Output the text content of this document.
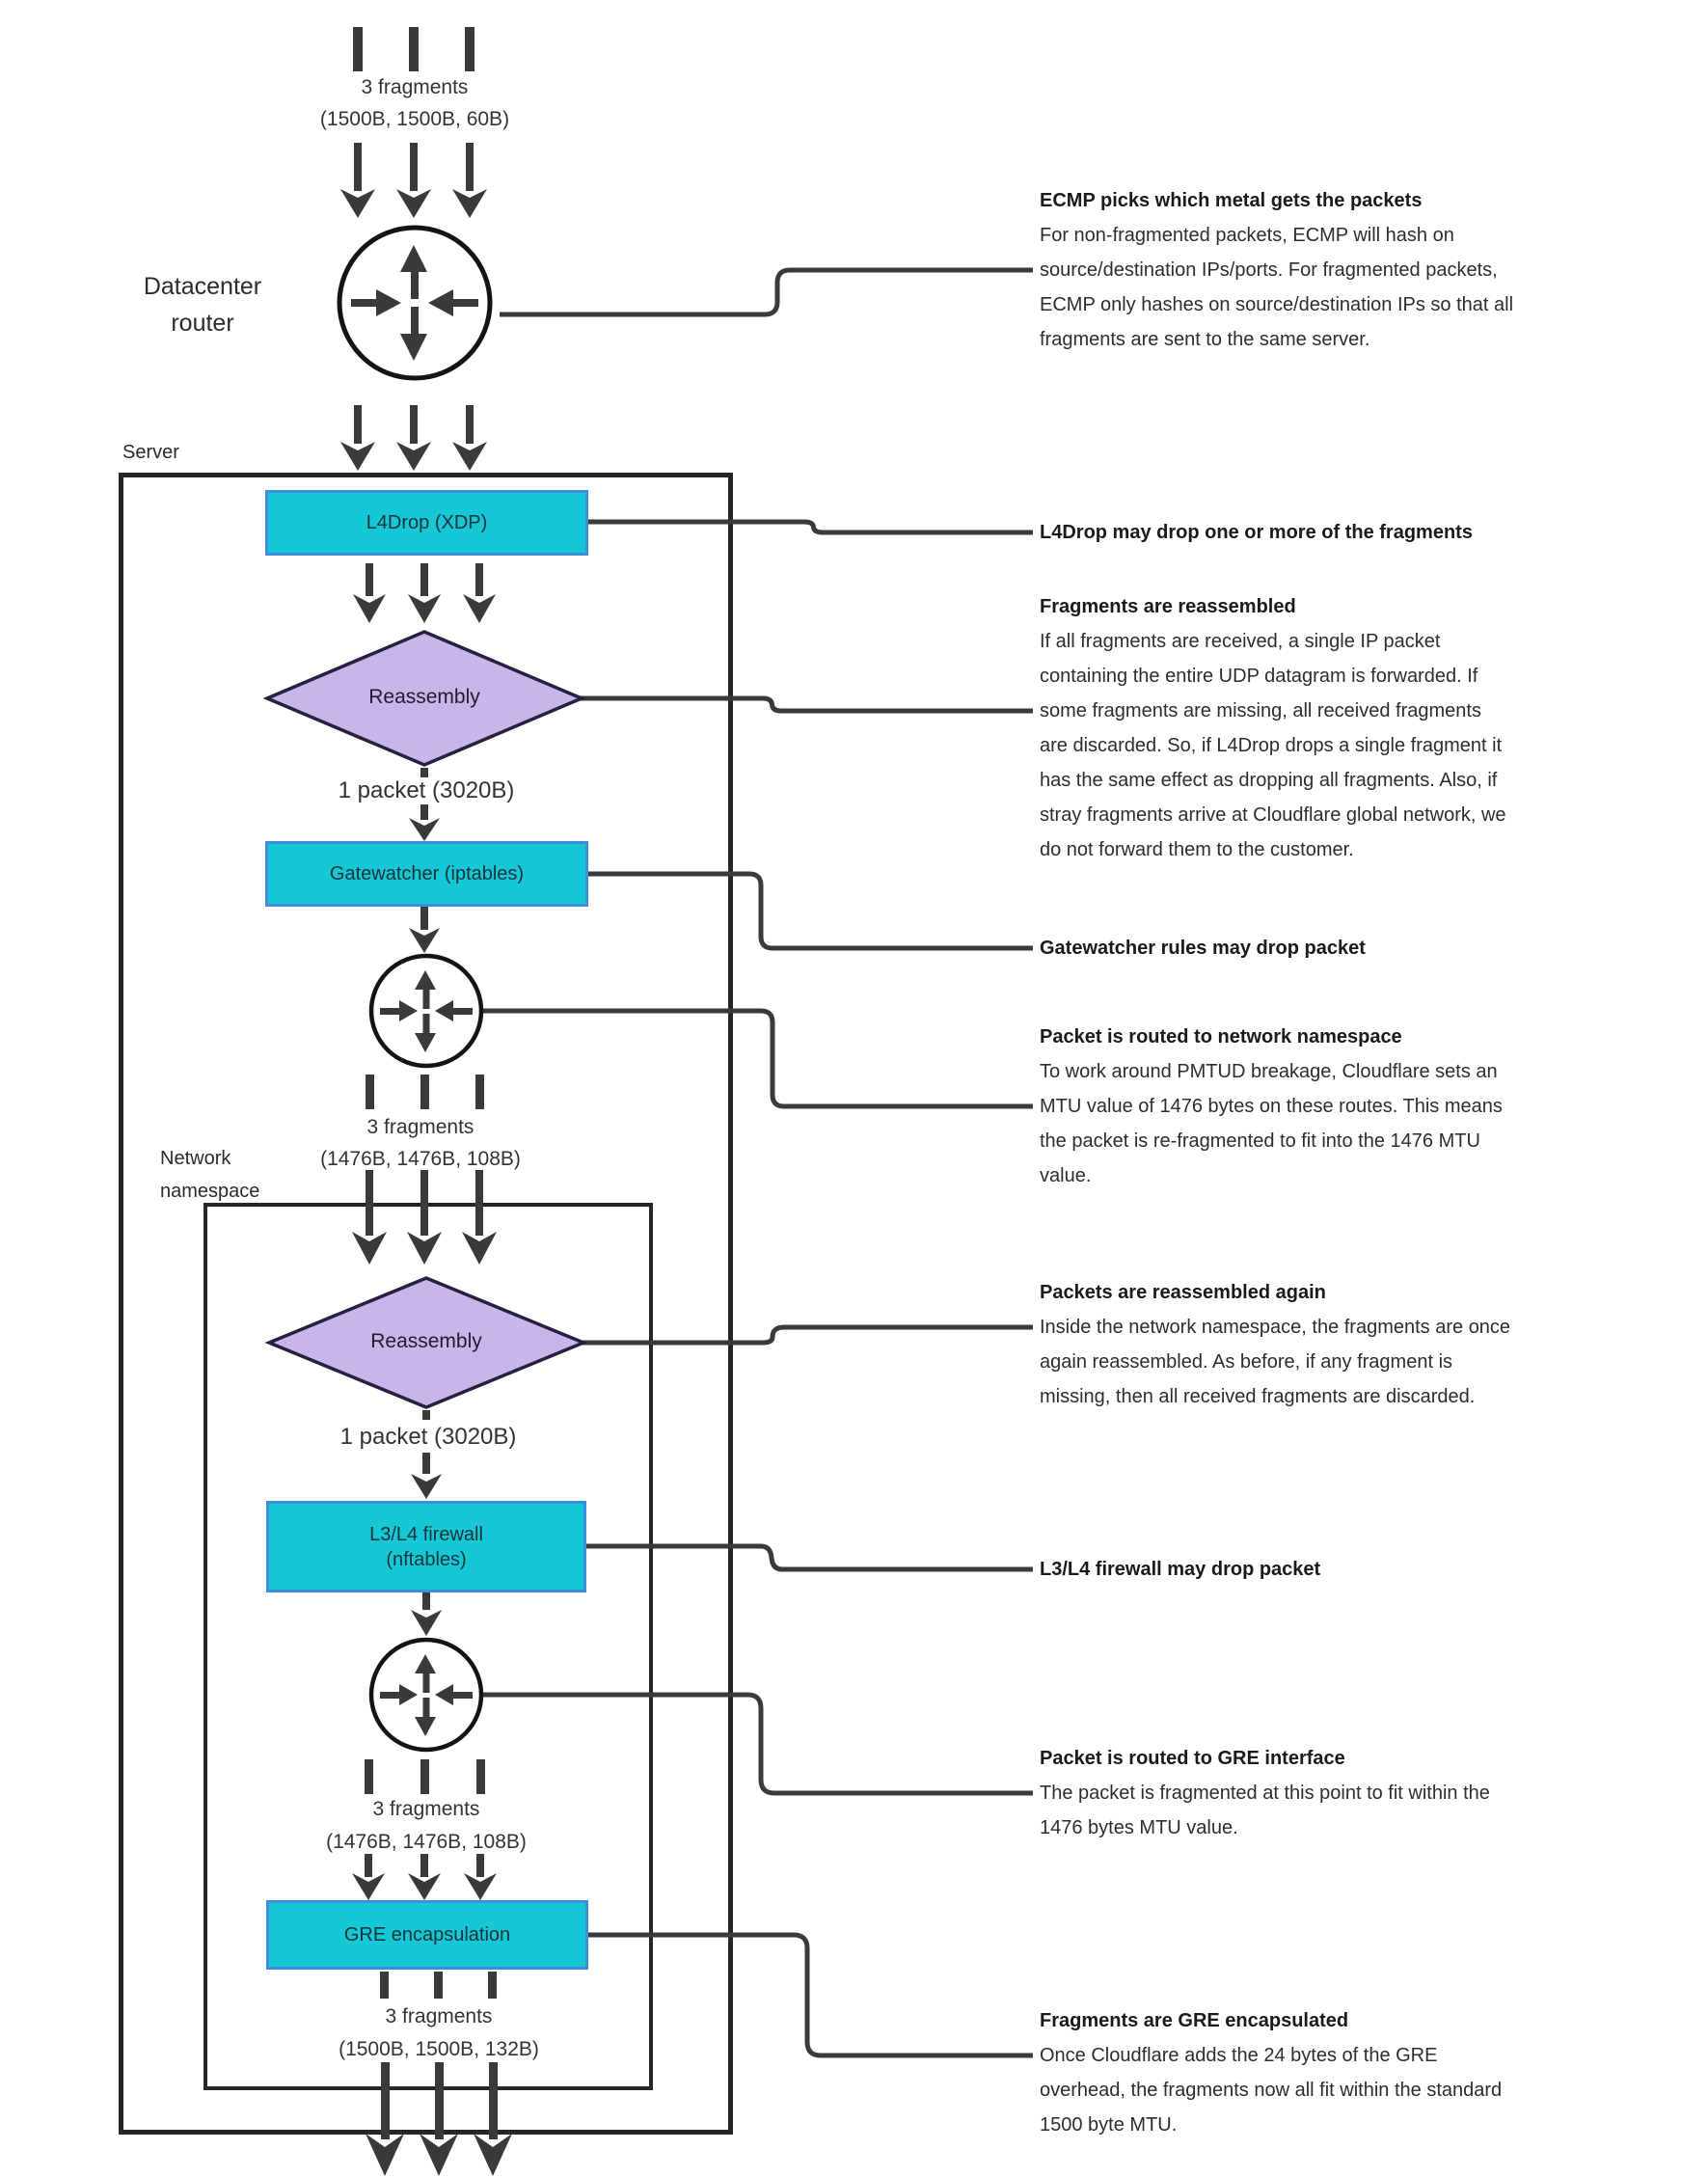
L4Drop (XDP)
Gatewatcher (iptables)
L3/L4 firewall
(nftables)
GRE encapsulation
3 fragments
(1500B, 1500B, 60B)
Datacenter
router
Server
Reassembly
1 packet (3020B)
3 fragments
(1476B, 1476B, 108B)
Network
namespace
Reassembly
1 packet (3020B)
3 fragments
(1476B, 1476B, 108B)
3 fragments
(1500B, 1500B, 132B)
ECMP picks which metal gets the packets
For non-fragmented packets, ECMP will hash on
source/destination IPs/ports. For fragmented packets,
ECMP only hashes on source/destination IPs so that all
fragments are sent to the same server.
L4Drop may drop one or more of the fragments
Fragments are reassembled
If all fragments are received, a single IP packet
containing the entire UDP datagram is forwarded. If
some fragments are missing, all received fragments
are discarded. So, if L4Drop drops a single fragment it
has the same effect as dropping all fragments. Also, if
stray fragments arrive at Cloudflare global network, we
do not forward them to the customer.
Gatewatcher rules may drop packet
Packet is routed to network namespace
To work around PMTUD breakage, Cloudflare sets an
MTU value of 1476 bytes on these routes. This means
the packet is re-fragmented to fit into the 1476 MTU
value.
Packets are reassembled again
Inside the network namespace, the fragments are once
again reassembled. As before, if any fragment is
missing, then all received fragments are discarded.
L3/L4 firewall may drop packet
Packet is routed to GRE interface
The packet is fragmented at this point to fit within the
1476 bytes MTU value.
Fragments are GRE encapsulated
Once Cloudflare adds the 24 bytes of the GRE
overhead, the fragments now all fit within the standard
1500 byte MTU.
